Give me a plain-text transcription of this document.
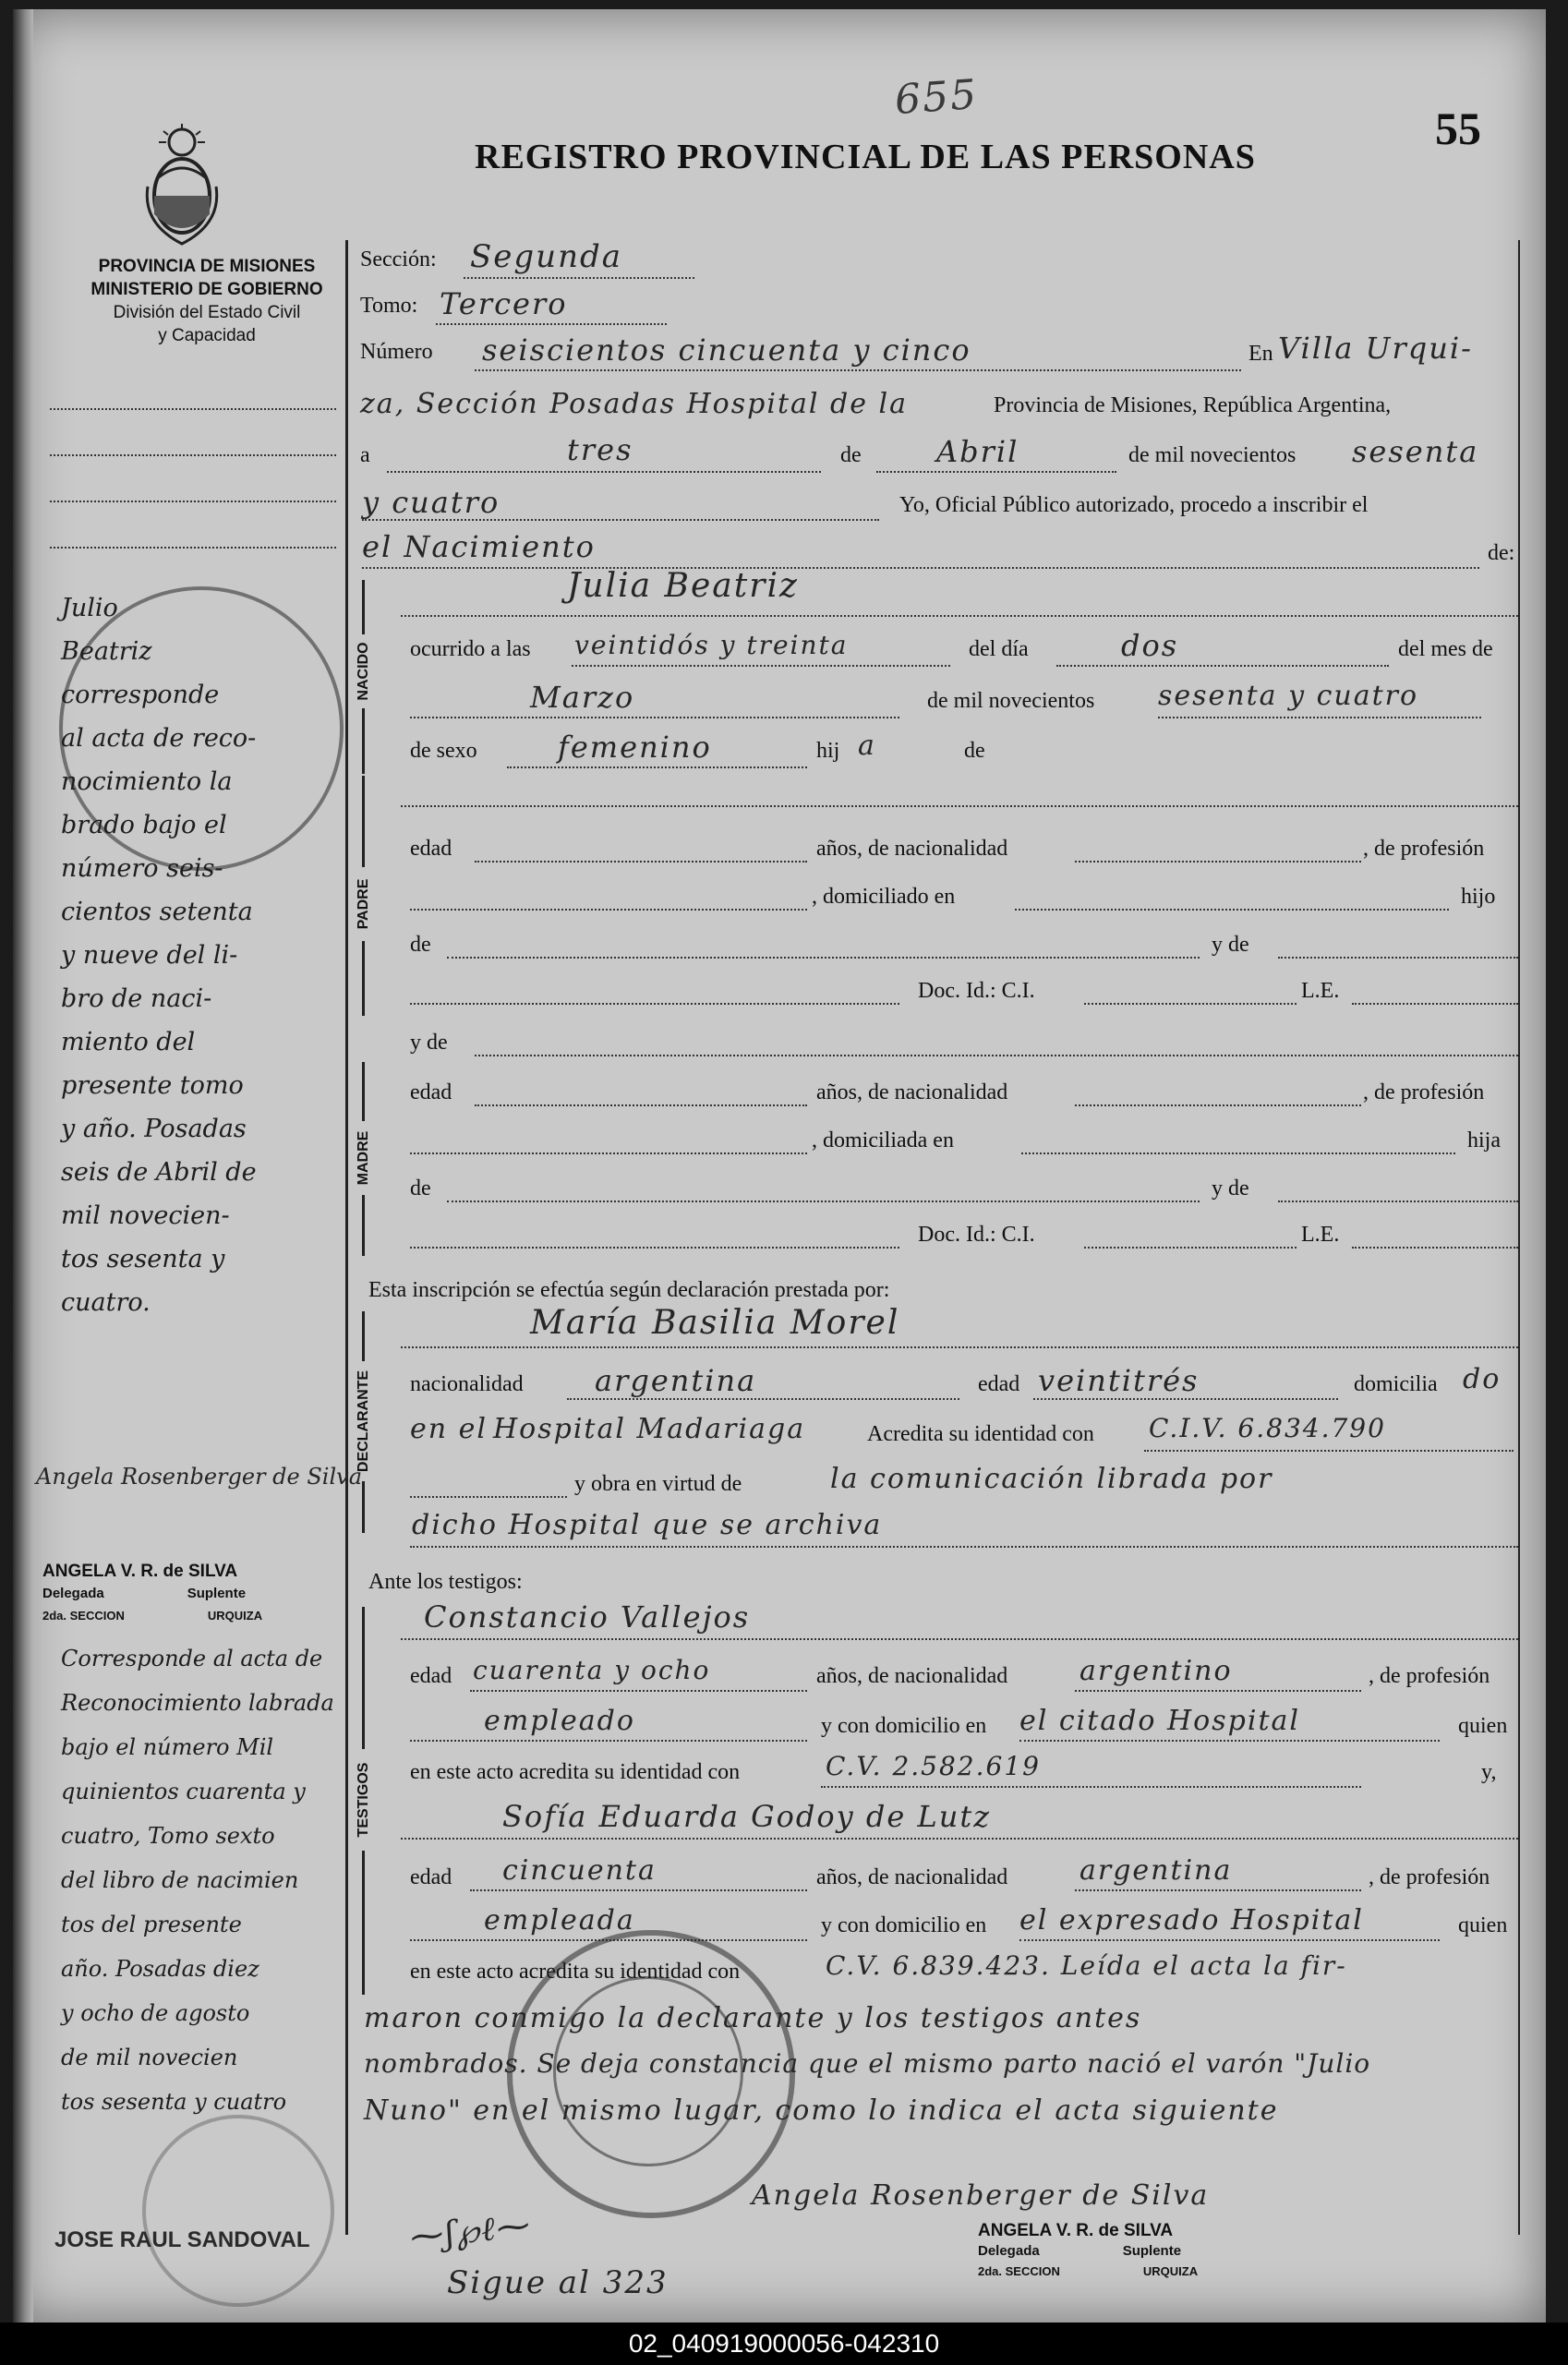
PROVINCIA DE MISIONES
MINISTERIO DE GOBIERNO
División del Estado Civil
y Capacidad
655
REGISTRO PROVINCIAL DE LAS PERSONAS
55
Sección: Segunda
Tomo: Tercero
Número seiscientos cincuenta y cinco	En Villa Urqui-
za, Sección Posadas Hospital de la	Provincia de Misiones, República Argentina,
a	tres	de	Abril	de mil novecientos sesenta
y cuatro	Yo, Oficial Público autorizado, procedo a inscribir el
el Nacimiento	de:
NACIDO
Julia Beatriz
ocurrido a las veintidós y treinta	del día	dos	del mes de
Marzo	de mil novecientos sesenta y cuatro
de sexo	femenino	hij a	de
PADRE
edad	años, de nacionalidad	, de profesión
, domiciliado en	hijo
de	y de
Doc. Id.: C.I.	L.E.
y de
MADRE
edad	años, de nacionalidad	, de profesión
, domiciliada en	hija
de	y de
Doc. Id.: C.I.	L.E.
Esta inscripción se efectúa según declaración prestada por:
DECLARANTE
María Basilia Morel
nacionalidad argentina	edad veintitrés	domicilia do
en el Hospital Madariaga	Acredita su identidad con C.I.V. 6.834.790
y obra en virtud de	la comunicación librada por
dicho Hospital que se archiva
Ante los testigos:
TESTIGOS
Constancio Vallejos
edad cuarenta y ocho	años, de nacionalidad	argentino	, de profesión
empleado	y con domicilio en el citado Hospital	quien
en este acto acredita su identidad con	C.V. 2.582.619	y,
Sofía Eduarda Godoy de Lutz
edad cincuenta	años, de nacionalidad	argentina	, de profesión
empleada	y con domicilio en el expresado Hospital	quien
en este acto acredita su identidad con	C.V. 6.839.423. Leída el acta la fir-
maron conmigo la declarante y los testigos antes
nombrados. Se deja constancia que el mismo parto nació el varón "Julio
Nuno" en el mismo lugar, como lo indica el acta siguiente
Julio
Beatriz
corresponde
al acta de reco-
nocimiento la
brado bajo el
número seis-
cientos setenta
y nueve del li-
bro de naci-
miento del
presente tomo
y año. Posadas
seis de Abril de
mil novecien-
tos sesenta y
cuatro.
Angela Rosenberger de Silva
ANGELA V. R. de SILVA
Delegada	Suplente
2da. SECCION	URQUIZA
Corresponde al acta de
Reconocimiento labrada
bajo el número Mil
quinientos cuarenta y
cuatro, Tomo sexto
del libro de nacimien
tos del presente
año. Posadas diez
y ocho de agosto
de mil novecien
tos sesenta y cuatro
JOSE RAUL SANDOVAL	⁓ʃ℘ℓ⁓
Sigue al 323
Angela Rosenberger de Silva
ANGELA V. R. de SILVA
Delegada	Suplente
2da. SECCION	URQUIZA
02_040919000056-042310
